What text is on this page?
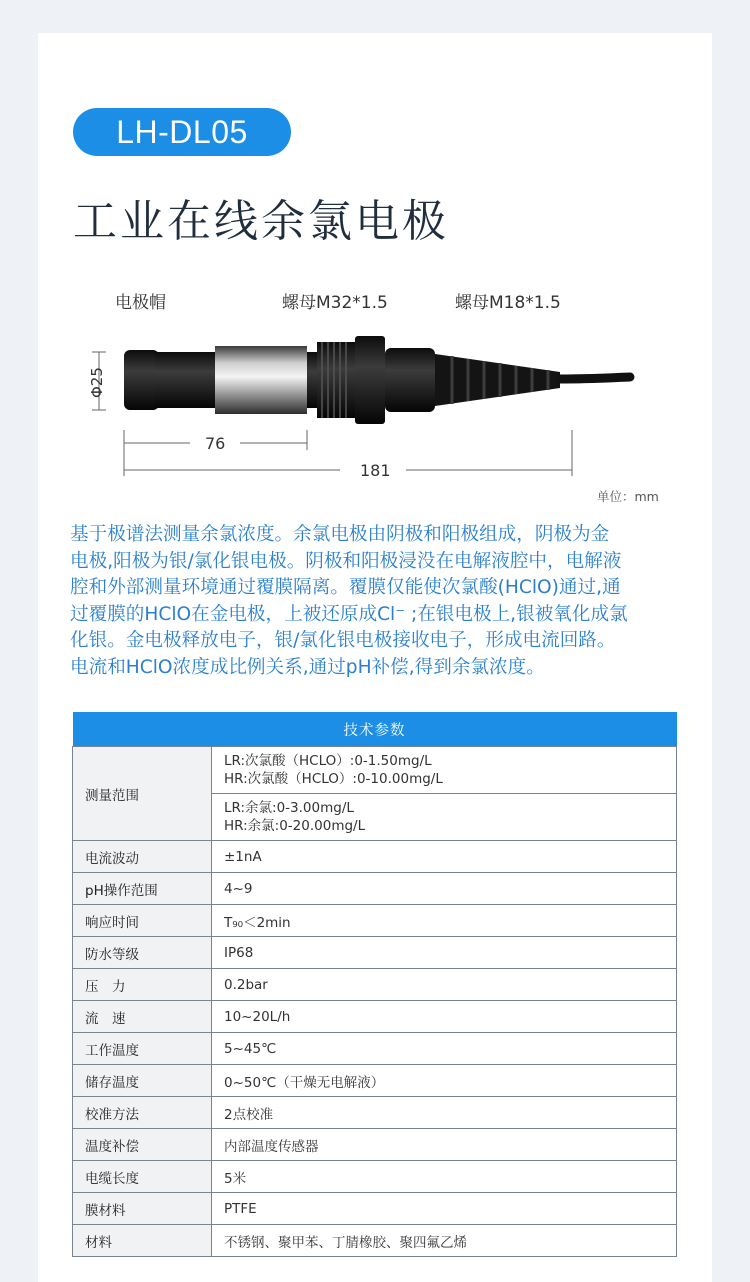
LH-DL05
工业在线余氯电极
电极帽	螺母M32*1.5	螺母M18*1.5
Φ25
76
181
单位：mm

基于极谱法测量余氯浓度。余氯电极由阴极和阳极组成，阴极为金

电极,阳极为银/氯化银电极。阴极和阳极浸没在电解液腔中，电解液

腔和外部测量环境通过覆膜隔离。覆膜仅能使次氯酸(HClO)通过,通

过覆膜的HClO在金电极，上被还原成Cl⁻ ;在银电极上,银被氧化成氯

化银。金电极释放电子，银/氯化银电极接收电子，形成电流回路。

电流和HClO浓度成比例关系,通过pH补偿,得到余氯浓度。

技术参数	
测量范围	LR:次氯酸（HCLO）:0-1.50mg/L
HR:次氯酸（HCLO）:0-10.00mg/L

	LR:余氯:0-3.00mg/L
HR:余氯:0-20.00mg/L

电流波动	±1nA
pH操作范围	4~9
响应时间	T₉₀＜2min
防水等级	IP68
压　力	0.2bar
流　速	10~20L/h
工作温度	5~45℃
储存温度	0~50℃（干燥无电解液）
校准方法	2点校准
温度补偿	内部温度传感器
电缆长度	5米
膜材料	PTFE
材料	不锈钢、聚甲苯、丁腈橡胶、聚四氟乙烯
